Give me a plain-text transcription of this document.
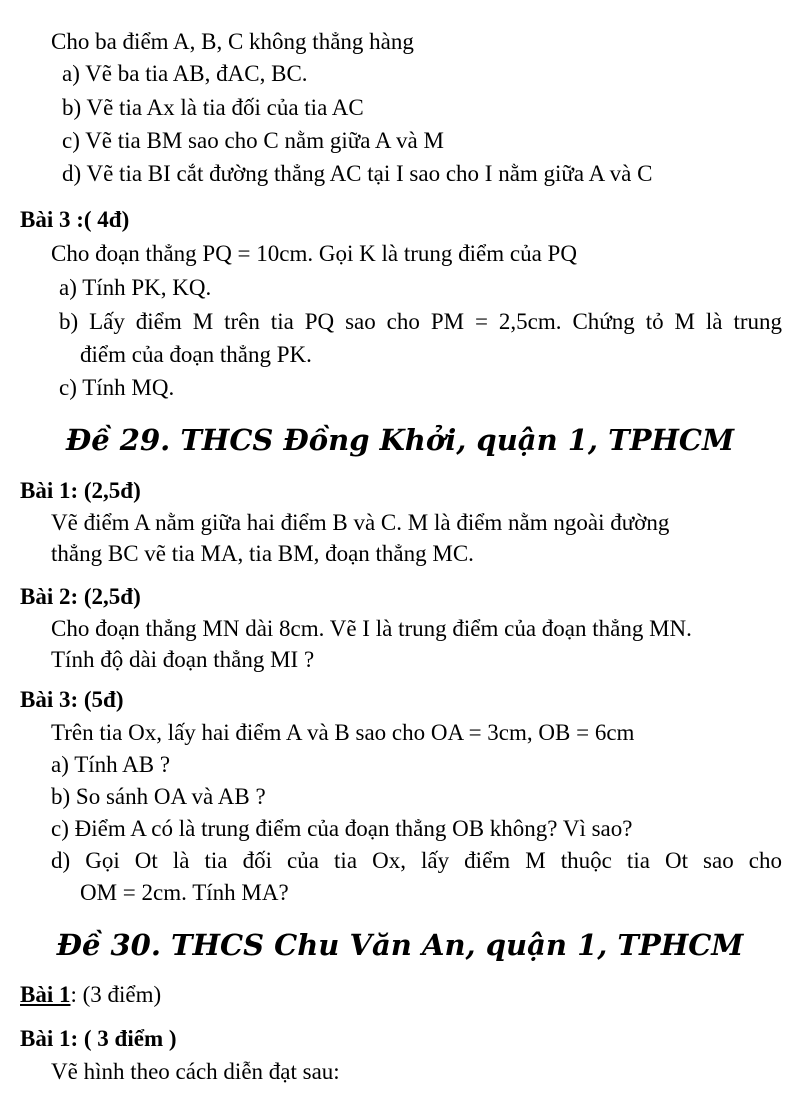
Cho ba điểm A, B, C không thẳng hàng
a) Vẽ ba tia AB, đAC, BC.
b) Vẽ tia Ax là tia đối của tia AC
c) Vẽ tia BM sao cho C nằm giữa A và M
d) Vẽ tia BI cắt đường thẳng AC tại I sao cho I nằm giữa A và C
Bài 3 :( 4đ)
Cho đoạn thẳng PQ = 10cm. Gọi K là trung điểm của PQ
a) Tính PK, KQ.
b) Lấy điểm M trên tia PQ sao cho PM = 2,5cm. Chứng tỏ M là trung
điểm của đoạn thẳng PK.
c) Tính MQ.
Đề 29. THCS Đồng Khởi, quận 1, TPHCM
Bài 1: (2,5đ)
Vẽ điểm A nằm giữa hai điểm B và C. M là điểm nằm ngoài đường
thẳng BC vẽ tia MA, tia BM, đoạn thẳng MC.
Bài 2: (2,5đ)
Cho đoạn thẳng MN dài 8cm. Vẽ I là trung điểm của đoạn thẳng MN.
Tính độ dài đoạn thẳng MI ?
Bài 3: (5đ)
Trên tia Ox, lấy hai điểm A và B sao cho OA = 3cm, OB = 6cm
a) Tính AB ?
b) So sánh OA và AB ?
c) Điểm A có là trung điểm của đoạn thẳng OB không? Vì sao?
d) Gọi Ot là tia đối của tia Ox, lấy điểm M thuộc tia Ot sao cho
OM = 2cm. Tính MA?
Đề 30. THCS Chu Văn An, quận 1, TPHCM
Bài 1: (3 điểm)
Bài 1: ( 3 điểm )
Vẽ hình theo cách diễn đạt sau:
